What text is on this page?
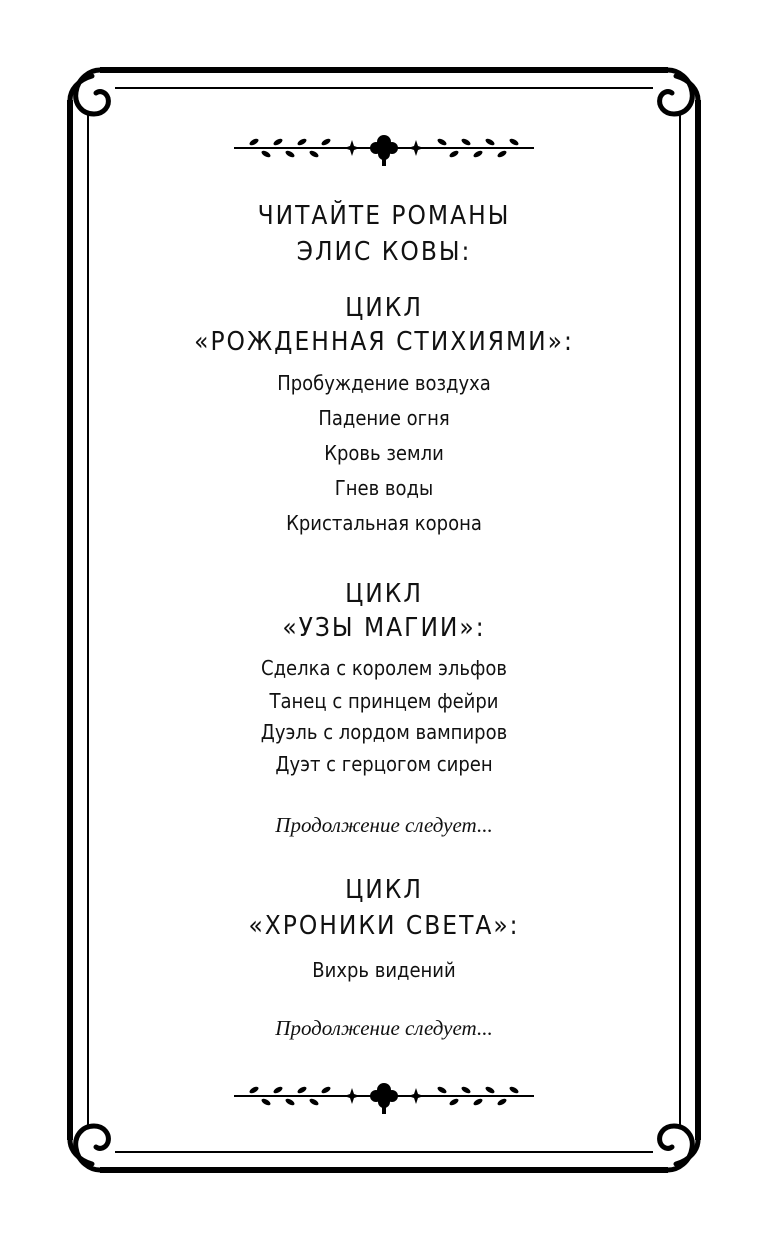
ЧИТАЙТЕ РОМАНЫ

ЭЛИС КОВЫ:

ЦИКЛ

«РОЖДЕННАЯ СТИХИЯМИ»:

Пробуждение воздуха

Падение огня

Кровь земли

Гнев воды

Кристальная корона

ЦИКЛ

«УЗЫ МАГИИ»:

Сделка с королем эльфов

Танец с принцем фейри

Дуэль с лордом вампиров

Дуэт с герцогом сирен

Продолжение следует...

ЦИКЛ

«ХРОНИКИ СВЕТА»:

Вихрь видений

Продолжение следует...
